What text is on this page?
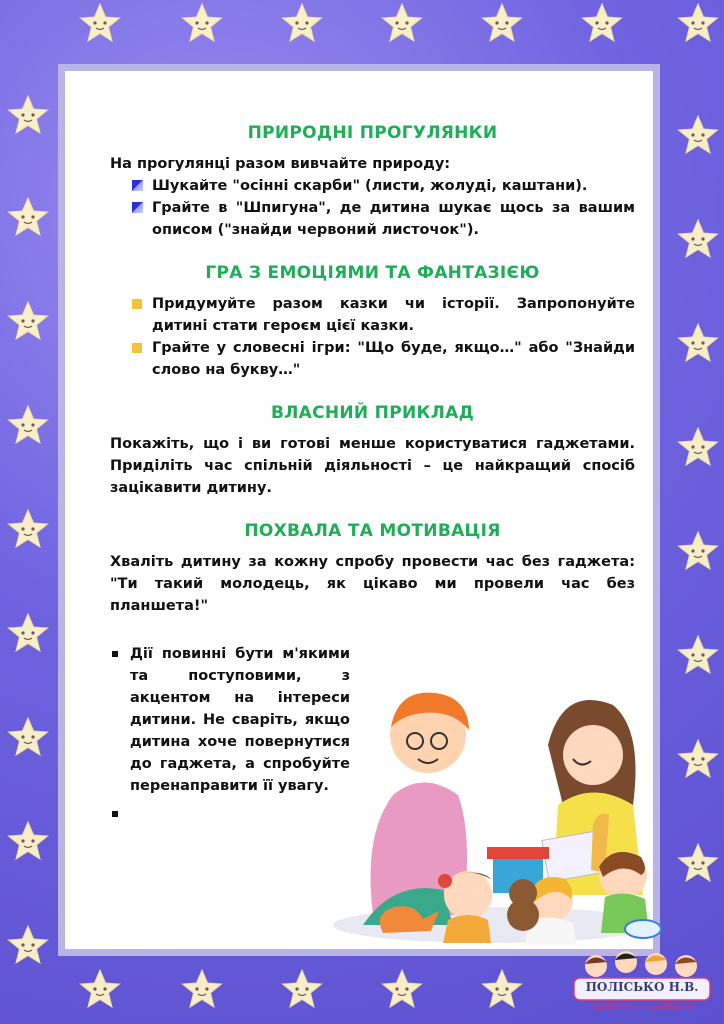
ПРИРОДНІ ПРОГУЛЯНКИ

На прогулянці разом вивчайте природу:

Шукайте "осінні скарби" (листи, жолуді, каштани).
Грайте в "Шпигуна", де дитина шукає щось за вашим описом ("знайди червоний листочок").
ГРА З ЕМОЦІЯМИ ТА ФАНТАЗІЄЮ
Придумуйте разом казки чи історії. Запропонуйте дитині стати героєм цієї казки.
Грайте у словесні ігри: "Що буде, якщо…" або "Знайди слово на букву…"
ВЛАСНИЙ ПРИКЛАД

Покажіть, що і ви готові менше користуватися гаджетами. Приділіть час спільній діяльності – це найкращий спосіб зацікавити дитину.

ПОХВАЛА ТА МОТИВАЦІЯ

Хваліть дитину за кожну спробу провести час без гаджета: "Ти такий молодець, як цікаво ми провели час без планшета!"

Дії повинні бути м'якими та поступовими, з акцентом на інтереси дитини. Не сваріть, якщо дитина хоче повернутися до гаджета, а спробуйте перенаправити її увагу.
ПОЛІСЬКО Н.В.
Зроблено з любов'ю
